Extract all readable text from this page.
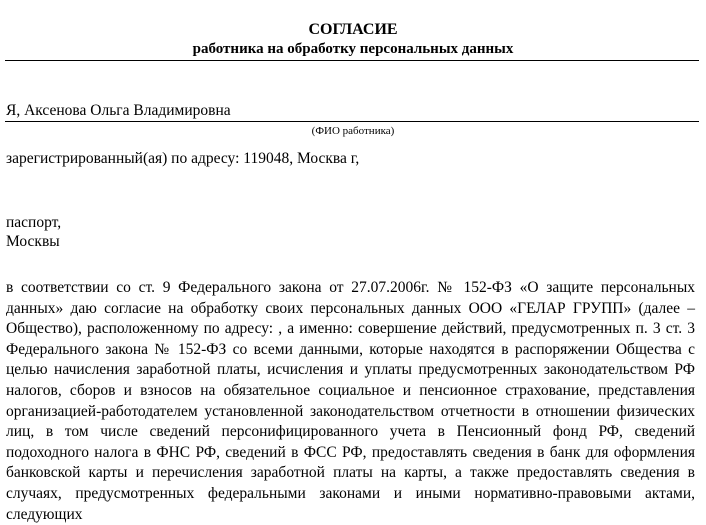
СОГЛАСИЕ
работника на обработку персональных данных
Я, Аксенова Ольга Владимировна
(ФИО работника)
зарегистрированный(ая) по адресу: 119048, Москва г,
паспорт,
Москвы
в соответствии со ст. 9 Федерального закона от 27.07.2006г. № 152-ФЗ «О защите персональных данных» даю согласие на обработку своих персональных данных ООО «ГЕЛАР ГРУПП» (далее – Общество), расположенному по адресу: , а именно: совершение действий, предусмотренных п. 3 ст. 3 Федерального закона № 152-ФЗ со всеми данными, которые находятся в распоряжении Общества с целью начисления заработной платы, исчисления и уплаты предусмотренных законодательством РФ налогов, сборов и взносов на обязательное социальное и пенсионное страхование, представления организацией-работодателем установленной законодательством отчетности в отношении физических лиц, в том числе сведений персонифицированного учета в Пенсионный фонд РФ, сведений подоходного налога в ФНС РФ, сведений в ФСС РФ, предоставлять сведения в банк для оформления банковской карты и перечисления заработной платы на карты, а также предоставлять сведения в случаях, предусмотренных федеральными законами и иными нормативно-правовыми актами, следующих
